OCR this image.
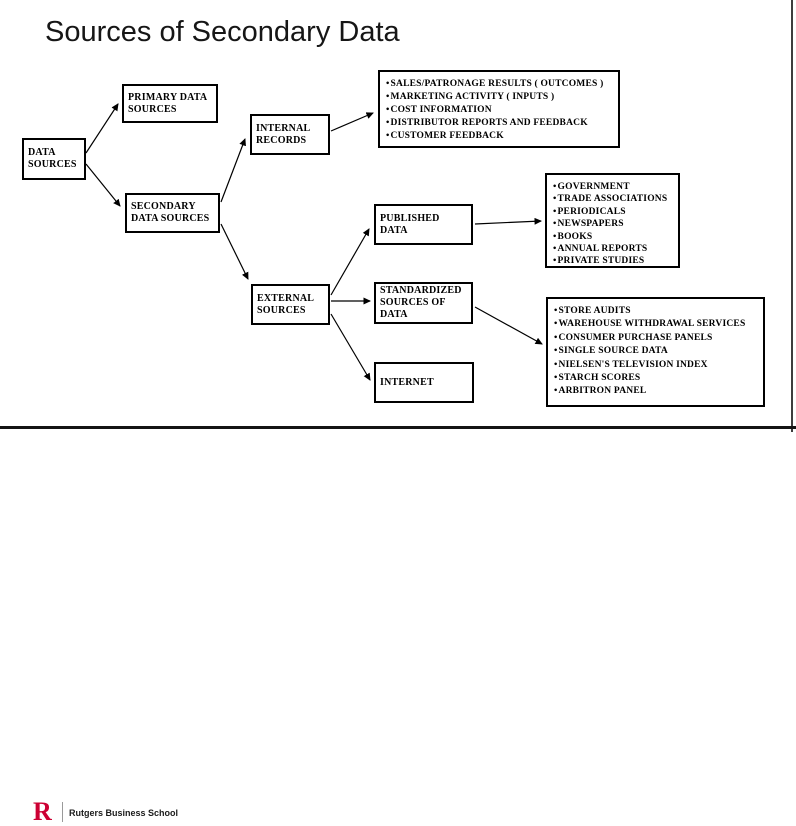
Sources of Secondary Data
DATA SOURCES
PRIMARY DATA SOURCES
SECONDARY DATA SOURCES
INTERNAL RECORDS
EXTERNAL SOURCES
PUBLISHED DATA
STANDARDIZED SOURCES OF DATA
INTERNET
• SALES/PATRONAGE RESULTS ( OUTCOMES )
• MARKETING ACTIVITY ( INPUTS )
• COST INFORMATION
• DISTRIBUTOR REPORTS AND FEEDBACK
• CUSTOMER FEEDBACK
• GOVERNMENT
• TRADE ASSOCIATIONS
• PERIODICALS
• NEWSPAPERS
• BOOKS
• ANNUAL REPORTS
• PRIVATE STUDIES
• STORE AUDITS
• WAREHOUSE WITHDRAWAL SERVICES
• CONSUMER PURCHASE PANELS
• SINGLE SOURCE DATA
• NIELSEN'S TELEVISION INDEX
• STARCH SCORES
• ARBITRON PANEL
R Rutgers Business School
